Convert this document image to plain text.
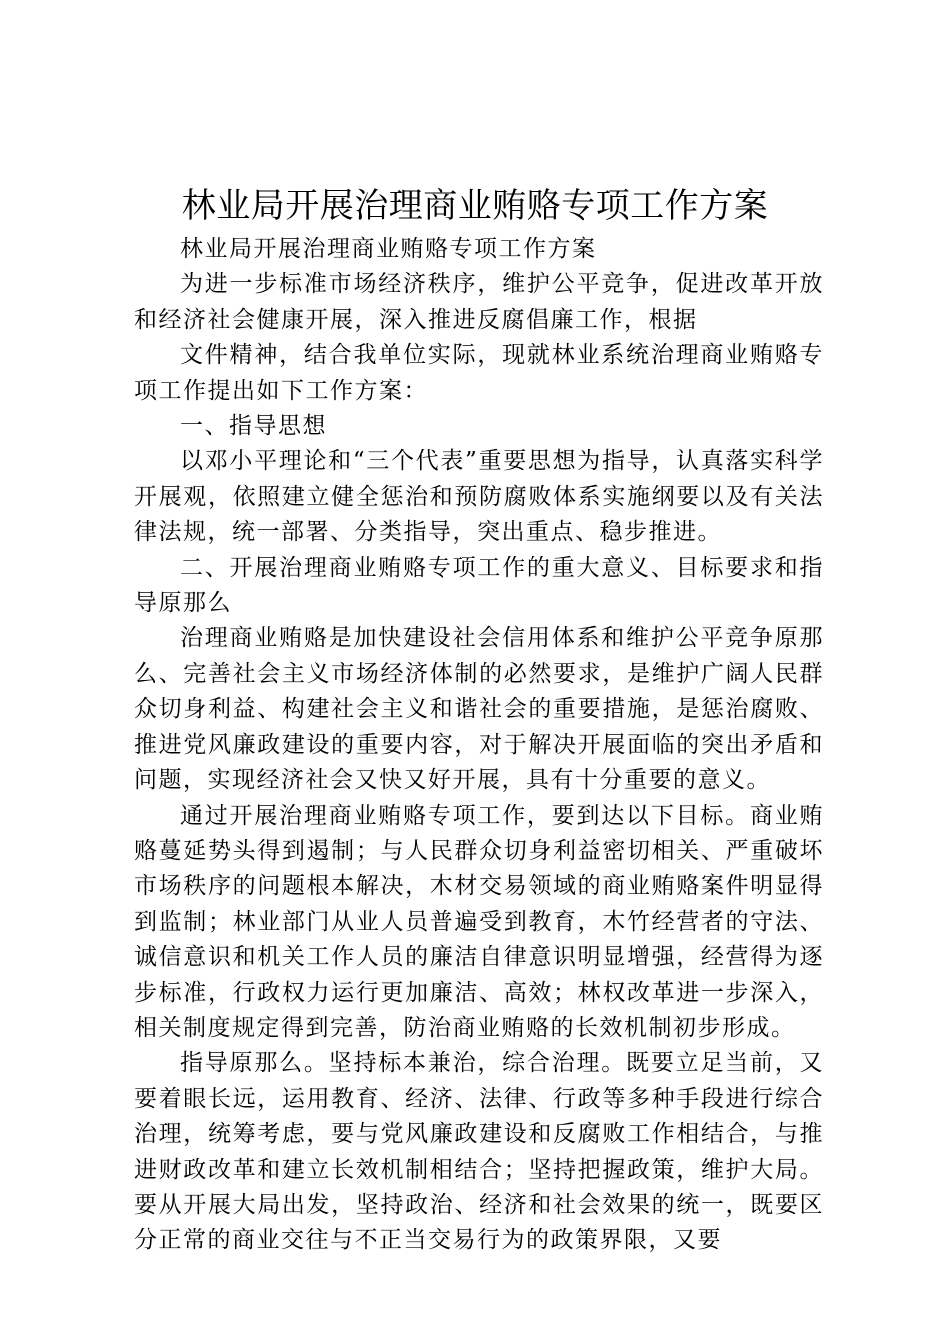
林业局开展治理商业贿赂专项工作方案

林业局开展治理商业贿赂专项工作方案

为进一步标准市场经济秩序，维护公平竞争，促进改革开放和经济社会健康开展，深入推进反腐倡廉工作，根据

文件精神，结合我单位实际，现就林业系统治理商业贿赂专项工作提出如下工作方案：

一、指导思想

以邓小平理论和“三个代表”重要思想为指导，认真落实科学开展观，依照建立健全惩治和预防腐败体系实施纲要以及有关法律法规，统一部署、分类指导，突出重点、稳步推进。

二、开展治理商业贿赂专项工作的重大意义、目标要求和指导原那么

治理商业贿赂是加快建设社会信用体系和维护公平竞争原那么、完善社会主义市场经济体制的必然要求，是维护广阔人民群众切身利益、构建社会主义和谐社会的重要措施，是惩治腐败、推进党风廉政建设的重要内容，对于解决开展面临的突出矛盾和问题，实现经济社会又快又好开展，具有十分重要的意义。

通过开展治理商业贿赂专项工作，要到达以下目标。商业贿赂蔓延势头得到遏制；与人民群众切身利益密切相关、严重破坏市场秩序的问题根本解决，木材交易领域的商业贿赂案件明显得到监制；林业部门从业人员普遍受到教育，木竹经营者的守法、诚信意识和机关工作人员的廉洁自律意识明显增强，经营得为逐步标准，行政权力运行更加廉洁、高效；林权改革进一步深入，相关制度规定得到完善，防治商业贿赂的长效机制初步形成。

指导原那么。坚持标本兼治，综合治理。既要立足当前，又要着眼长远，运用教育、经济、法律、行政等多种手段进行综合治理，统筹考虑，要与党风廉政建设和反腐败工作相结合，与推进财政改革和建立长效机制相结合；坚持把握政策，维护大局。要从开展大局出发，坚持政治、经济和社会效果的统一，既要区分正常的商业交往与不正当交易行为的政策界限，又要
